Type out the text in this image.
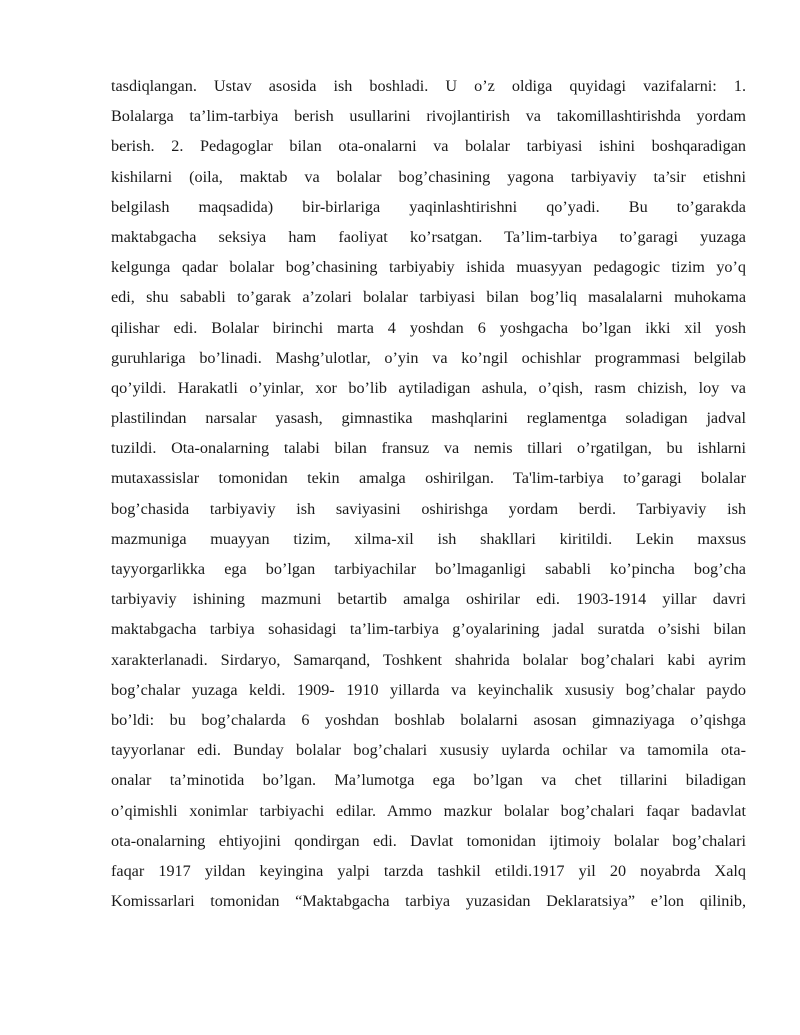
tasdiqlangan. Ustav asosida ish boshladi. U o’z oldiga quyidagi vazifalarni: 1.
Bolalarga ta’lim-tarbiya berish usullarini rivojlantirish va takomillashtirishda yordam
berish. 2. Pedagoglar bilan ota-onalarni va bolalar tarbiyasi ishini boshqaradigan
kishilarni (oila, maktab va bolalar bog’chasining yagona tarbiyaviy ta’sir etishni
belgilash maqsadida) bir-birlariga yaqinlashtirishni qo’yadi. Bu to’garakda
maktabgacha seksiya ham faoliyat ko’rsatgan. Ta’lim-tarbiya to’garagi yuzaga
kelgunga qadar bolalar bog’chasining tarbiyabiy ishida muasyyan pedagogic tizim yo’q
edi, shu sababli to’garak a’zolari bolalar tarbiyasi bilan bog’liq masalalarni muhokama
qilishar edi. Bolalar birinchi marta 4 yoshdan 6 yoshgacha bo’lgan ikki xil yosh
guruhlariga bo’linadi. Mashg’ulotlar, o’yin va ko’ngil ochishlar programmasi belgilab
qo’yildi. Harakatli o’yinlar, xor bo’lib aytiladigan ashula, o’qish, rasm chizish, loy va
plastilindan narsalar yasash, gimnastika mashqlarini reglamentga soladigan jadval
tuzildi. Ota-onalarning talabi bilan fransuz va nemis tillari o’rgatilgan, bu ishlarni
mutaxassislar tomonidan tekin amalga oshirilgan. Ta'lim-tarbiya to’garagi bolalar
bog’chasida tarbiyaviy ish saviyasini oshirishga yordam berdi. Tarbiyaviy ish
mazmuniga muayyan tizim, xilma-xil ish shakllari kiritildi. Lekin maxsus
tayyorgarlikka ega bo’lgan tarbiyachilar bo’lmaganligi sababli ko’pincha bog’cha
tarbiyaviy ishining mazmuni betartib amalga oshirilar edi. 1903-1914 yillar davri
maktabgacha tarbiya sohasidagi ta’lim-tarbiya g’oyalarining jadal suratda o’sishi bilan
xarakterlanadi. Sirdaryo, Samarqand, Toshkent shahrida bolalar bog’chalari kabi ayrim
bog’chalar yuzaga keldi. 1909- 1910 yillarda va keyinchalik xususiy bog’chalar paydo
bo’ldi: bu bog’chalarda 6 yoshdan boshlab bolalarni asosan gimnaziyaga o’qishga
tayyorlanar edi. Bunday bolalar bog’chalari xususiy uylarda ochilar va tamomila ota-
onalar ta’minotida bo’lgan. Ma’lumotga ega bo’lgan va chet tillarini biladigan
o’qimishli xonimlar tarbiyachi edilar. Ammo mazkur bolalar bog’chalari faqar badavlat
ota-onalarning ehtiyojini qondirgan edi. Davlat tomonidan ijtimoiy bolalar bog’chalari
faqar 1917 yildan keyingina yalpi tarzda tashkil etildi.1917 yil 20 noyabrda Xalq
Komissarlari tomonidan “Maktabgacha tarbiya yuzasidan Deklaratsiya” e’lon qilinib,
